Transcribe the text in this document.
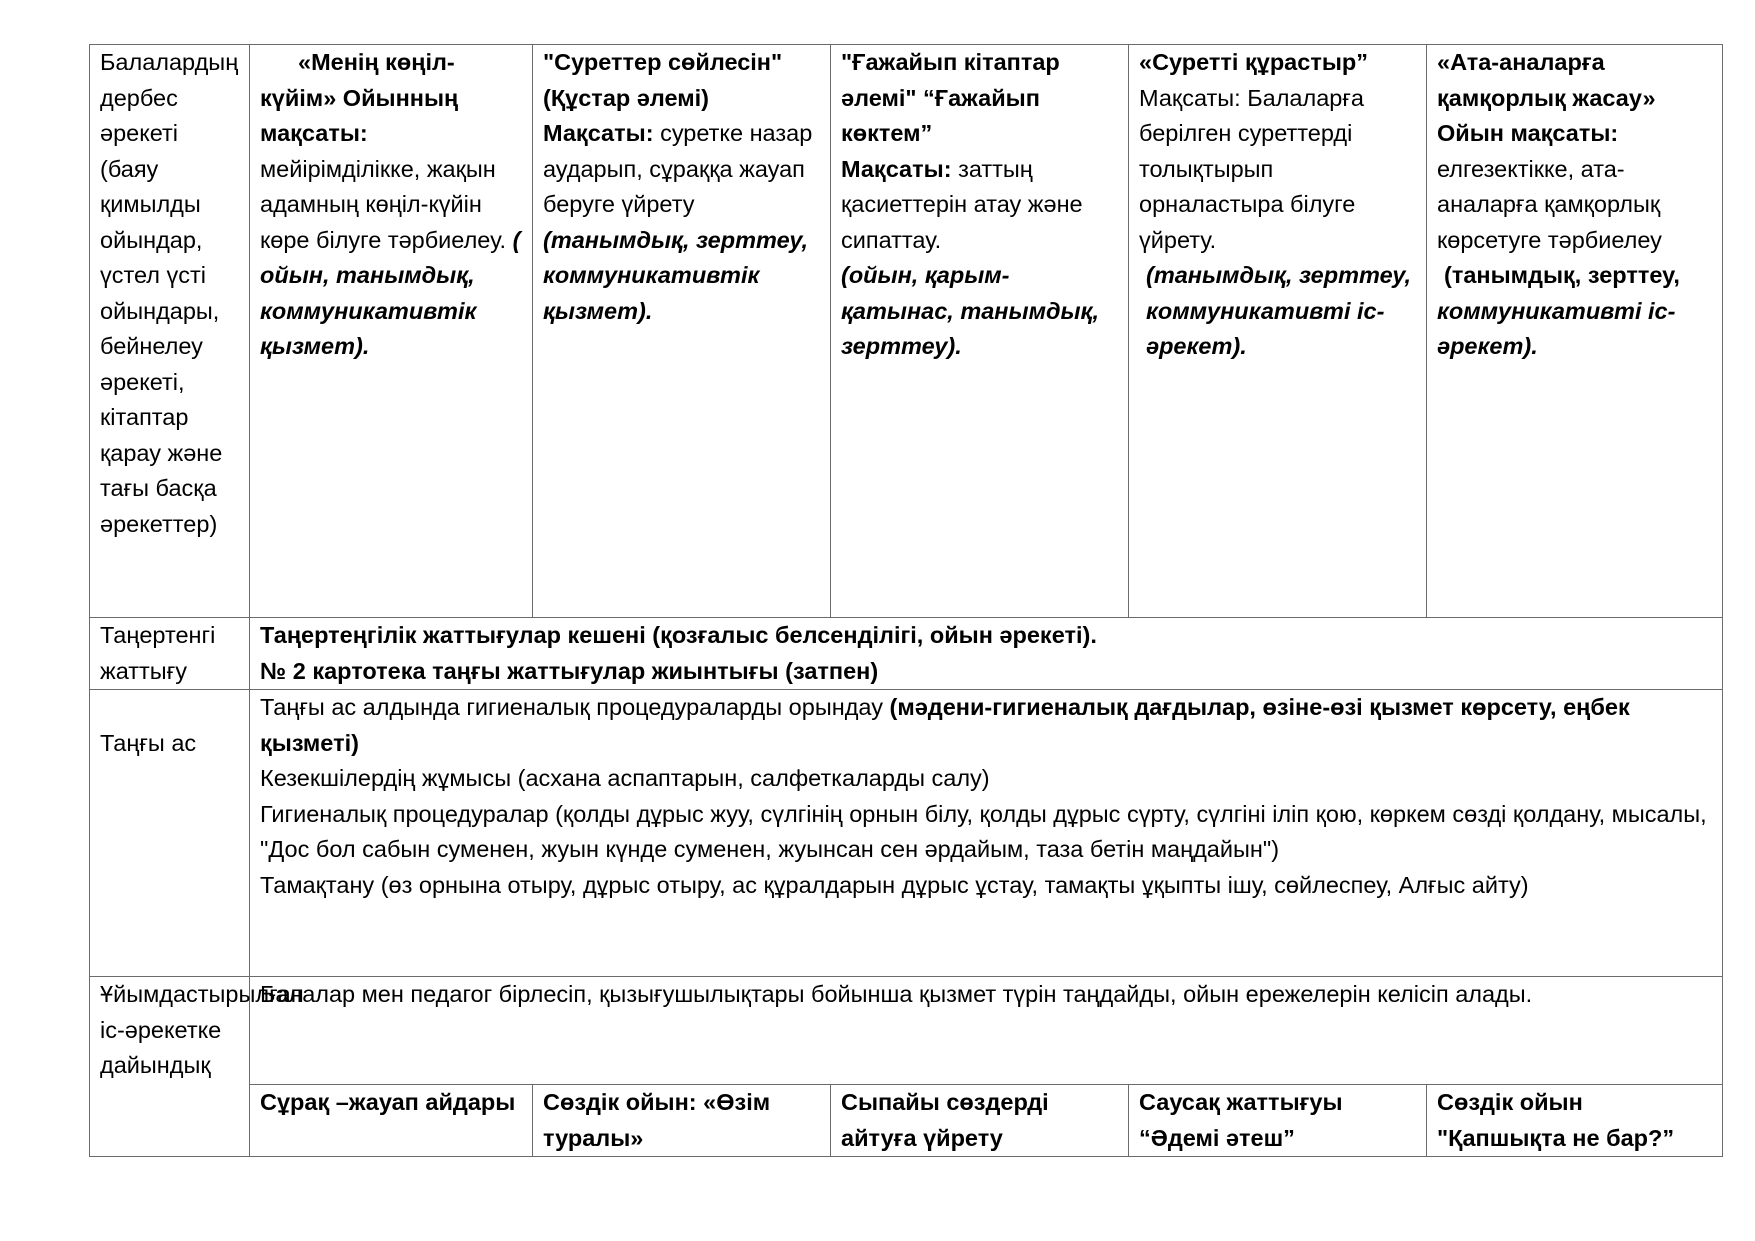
Балалардың дербес әрекеті (баяу қимылды ойындар, үстел үсті ойындары, бейнелеу әрекеті, кітаптар қарау және тағы басқа әрекеттер)	«Менің көңіл-күйім» Ойынның мақсаты: мейірімділікке, жақын адамның көңіл-күйін көре білуге тәрбиелеу. ( ойын, танымдық, коммуникативтік қызмет).	"Суреттер сөйлесін" (Құстар әлемі)
Мақсаты: суретке назар аударып, сұраққа жауап беруге үйрету
(танымдық, зерттеу, коммуникативтік қызмет).	"Ғажайып кітаптар әлемі" “Ғажайып көктем”
Мақсаты: заттың қасиеттерін атау және сипаттау.
(ойын, қарым-қатынас, танымдық, зерттеу).	«Суретті құрастыр”
Мақсаты: Балаларға берілген суреттерді толықтырып орналастыра білуге үйрету.
(танымдық, зерттеу, коммуникативті іс-әрекет).	«Ата-аналарға қамқорлық жасау» Ойын мақсаты:
елгезектікке, ата-аналарға қамқорлық көрсетуге тәрбиелеу
(танымдық, зерттеу, коммуникативті іс-әрекет).
Таңертенгі жаттығу	Таңертеңгілік жаттығулар кешені (қозғалыс белсенділігі, ойын әрекеті).
№ 2 картотека таңғы жаттығулар жиынтығы (затпен)				

Таңғы ас	Таңғы ас алдында гигиеналық процедураларды орындау (мәдени-гигиеналық дағдылар, өзіне-өзі қызмет көрсету, еңбек қызметі)
Кезекшілердің жұмысы (асхана аспаптарын, салфеткаларды салу)
Гигиеналық процедуралар (қолды дұрыс жуу, сүлгінің орнын білу, қолды дұрыс сүрту, сүлгіні іліп қою, көркем сөзді қолдану, мысалы, "Дос бол сабын суменен, жуын күнде суменен, жуынсан сен әрдайым, таза бетін маңдайын")
Тамақтану (өз орнына отыру, дұрыс отыру, ас құралдарын дұрыс ұстау, тамақты ұқыпты ішу, сөйлеспеу, Алғыс айту)				

Ұйымдастырылған іс-әрекетке дайындық	Балалар мен педагог бірлесіп, қызығушылықтары бойынша қызмет түрін таңдайды, ойын ережелерін келісіп алады.				
	Сұрақ –жауап айдары	Сөздік ойын: «Өзім туралы»	Сыпайы сөздерді айтуға үйрету	Саусақ жаттығуы “Әдемі әтеш”	Сөздік ойын "Қапшықта не бар?”
